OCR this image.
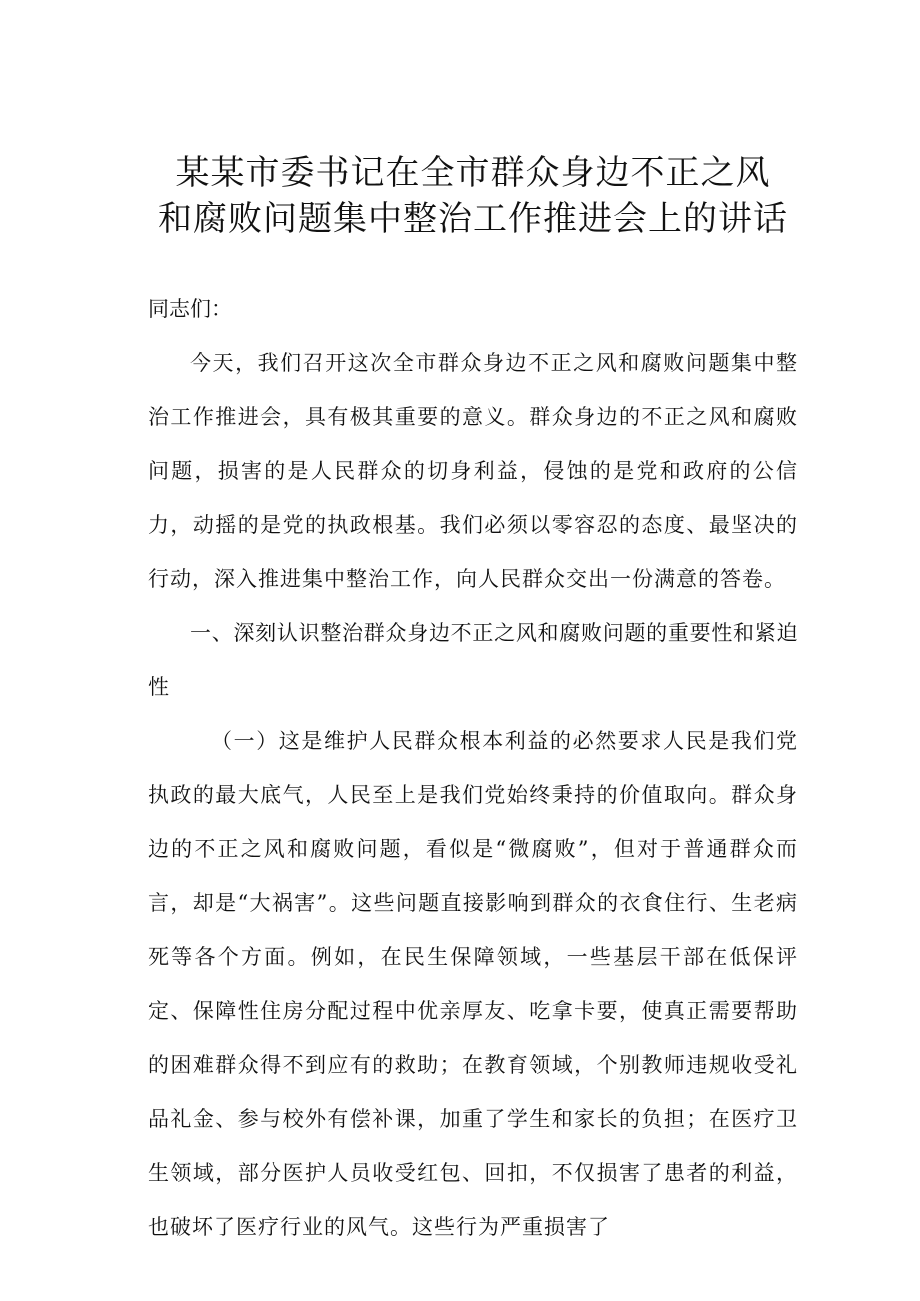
某某市委书记在全市群众身边不正之风
和腐败问题集中整治工作推进会上的讲话

同志们：

今天，我们召开这次全市群众身边不正之风和腐败问题集中整治工作推进会，具有极其重要的意义。群众身边的不正之风和腐败问题，损害的是人民群众的切身利益，侵蚀的是党和政府的公信力，动摇的是党的执政根基。我们必须以零容忍的态度、最坚决的行动，深入推进集中整治工作，向人民群众交出一份满意的答卷。

一、深刻认识整治群众身边不正之风和腐败问题的重要性和紧迫性

（一）这是维护人民群众根本利益的必然要求人民是我们党执政的最大底气，人民至上是我们党始终秉持的价值取向。群众身边的不正之风和腐败问题，看似是“微腐败”，但对于普通群众而言，却是“大祸害”。这些问题直接影响到群众的衣食住行、生老病死等各个方面。例如，在民生保障领域，一些基层干部在低保评定、保障性住房分配过程中优亲厚友、吃拿卡要，使真正需要帮助的困难群众得不到应有的救助；在教育领域，个别教师违规收受礼品礼金、参与校外有偿补课，加重了学生和家长的负担；在医疗卫生领域，部分医护人员收受红包、回扣，不仅损害了患者的利益，也破坏了医疗行业的风气。这些行为严重损害了
